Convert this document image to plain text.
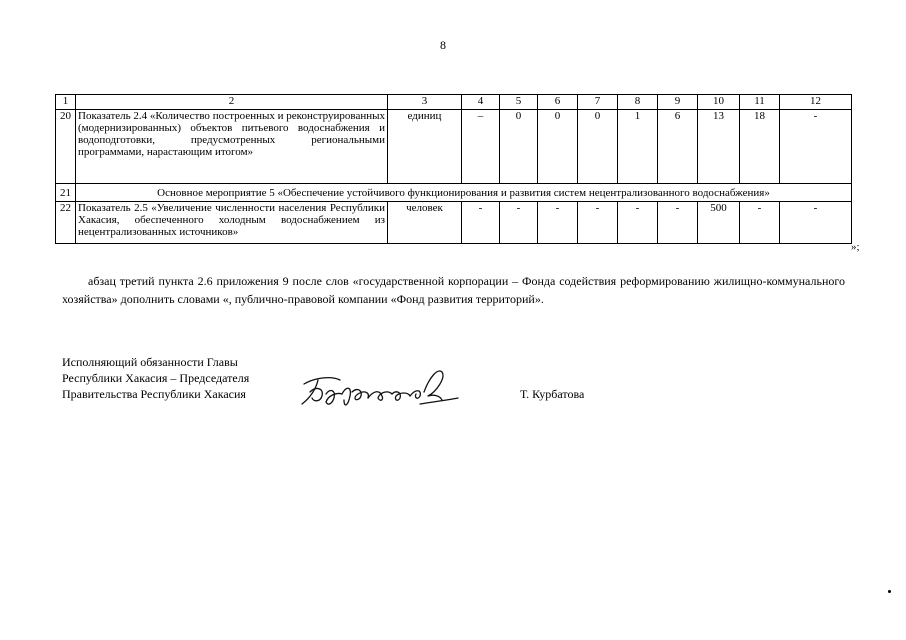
8
1	2	3	4	5	6	7	8	9	10	11	12
20	Показатель 2.4 «Количество построенных и реконструированных (модернизированных) объектов питьевого водоснабжения и водоподготовки, предусмотренных региональными программами, нарастающим итогом»	единиц	–	0	0	0	1	6	13	18	-
21	Основное мероприятие 5 «Обеспечение устойчивого функционирования и развития систем нецентрализованного водоснабжения»										
22	Показатель 2.5 «Увеличение численности населения Республики Хакасия, обеспеченного холодным водоснабжением из нецентрализованных источников»	человек	-	-	-	-	-	-	500	-	-
»;
абзац третий пункта 2.6 приложения 9 после слов «государственной корпорации – Фонда содействия реформированию жилищно-коммунального хозяйства» дополнить словами «, публично-правовой компании «Фонд развития территорий».
Исполняющий обязанности Главы
Республики Хакасия – Председателя
Правительства Республики Хакасия	Т. Курбатова
